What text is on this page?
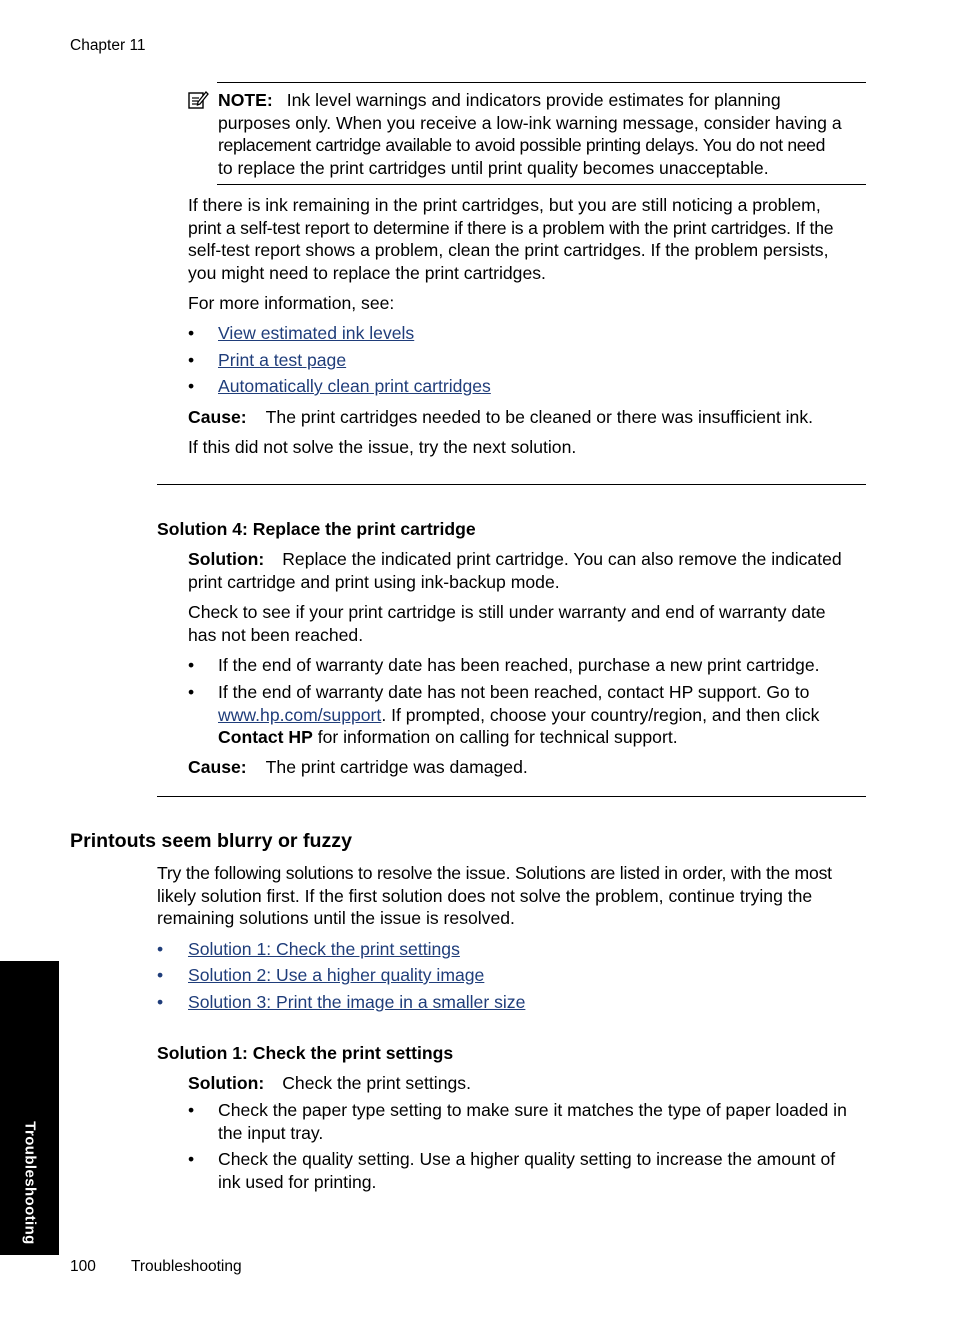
Chapter 11
NOTE: Ink level warnings and indicators provide estimates for planning
purposes only. When you receive a low-ink warning message, consider having a
replacement cartridge available to avoid possible printing delays. You do not need
to replace the print cartridges until print quality becomes unacceptable.
If there is ink remaining in the print cartridges, but you are still noticing a problem,
print a self-test report to determine if there is a problem with the print cartridges. If the
self-test report shows a problem, clean the print cartridges. If the problem persists,
you might need to replace the print cartridges.
For more information, see:
• View estimated ink levels
• Print a test page
• Automatically clean print cartridges
Cause: The print cartridges needed to be cleaned or there was insufficient ink.
If this did not solve the issue, try the next solution.
Solution 4: Replace the print cartridge
Solution: Replace the indicated print cartridge. You can also remove the indicated
print cartridge and print using ink-backup mode.
Check to see if your print cartridge is still under warranty and end of warranty date
has not been reached.
• If the end of warranty date has been reached, purchase a new print cartridge.
• If the end of warranty date has not been reached, contact HP support. Go to
www.hp.com/support. If prompted, choose your country/region, and then click
Contact HP for information on calling for technical support.
Cause: The print cartridge was damaged.
Printouts seem blurry or fuzzy
Try the following solutions to resolve the issue. Solutions are listed in order, with the most
likely solution first. If the first solution does not solve the problem, continue trying the
remaining solutions until the issue is resolved.
• Solution 1: Check the print settings
• Solution 2: Use a higher quality image
• Solution 3: Print the image in a smaller size
Solution 1: Check the print settings
Solution: Check the print settings.
• Check the paper type setting to make sure it matches the type of paper loaded in
the input tray.
• Check the quality setting. Use a higher quality setting to increase the amount of
ink used for printing.
Troubleshooting
100 Troubleshooting
